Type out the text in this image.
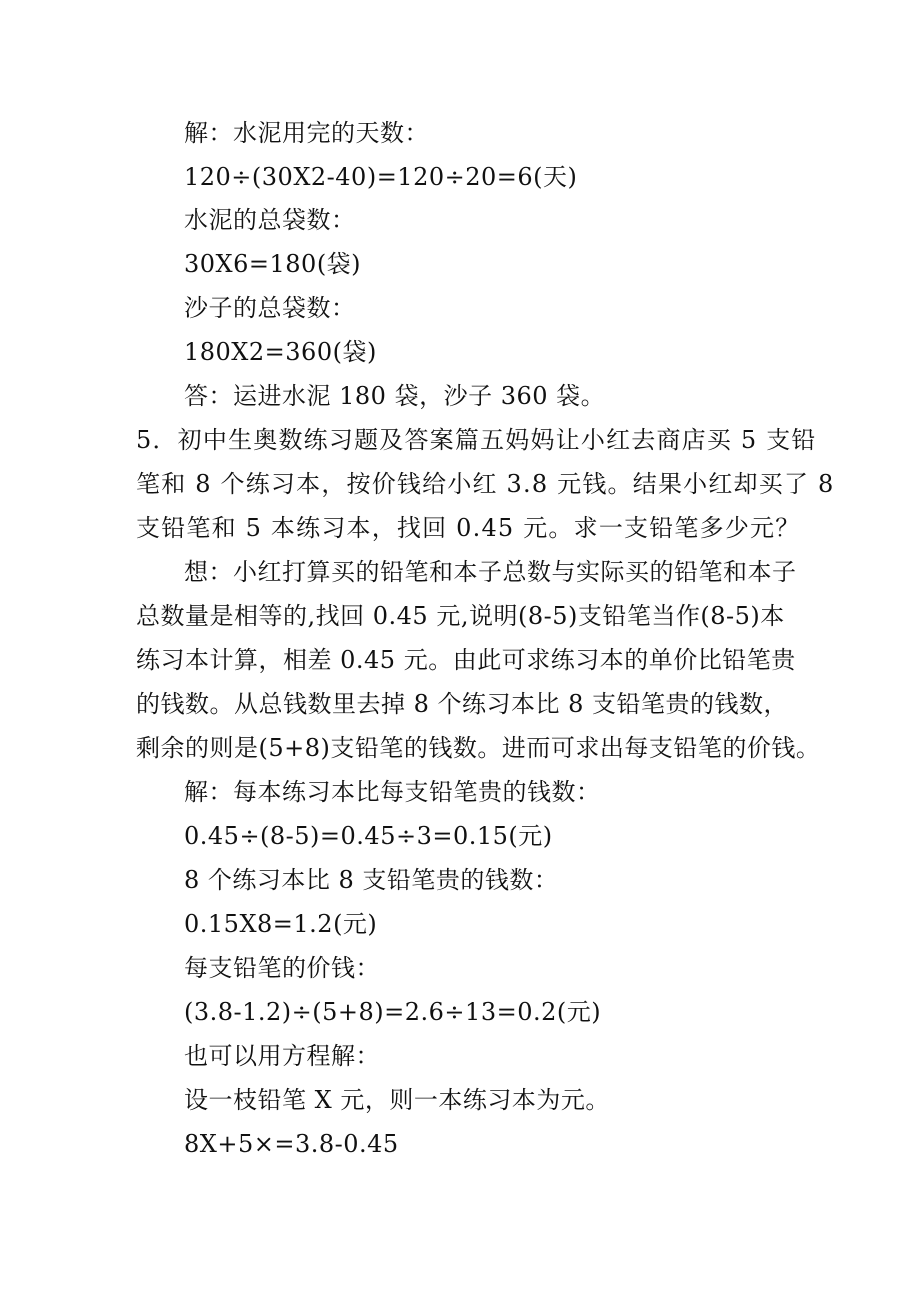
解：水泥用完的天数：
120÷(30X2-40)=120÷20=6(天)
水泥的总袋数：
30X6=180(袋)
沙子的总袋数：
180X2=360(袋)
答：运进水泥 180 袋，沙子 360 袋。
5．初中生奥数练习题及答案篇五妈妈让小红去商店买 5 支铅
笔和 8 个练习本，按价钱给小红 3.8 元钱。结果小红却买了 8
支铅笔和 5 本练习本，找回 0.45 元。求一支铅笔多少元？
想：小红打算买的铅笔和本子总数与实际买的铅笔和本子
总数量是相等的,找回 0.45 元,说明(8-5)支铅笔当作(8-5)本
练习本计算，相差 0.45 元。由此可求练习本的单价比铅笔贵
的钱数。从总钱数里去掉 8 个练习本比 8 支铅笔贵的钱数，
剩余的则是(5+8)支铅笔的钱数。进而可求出每支铅笔的价钱。
解：每本练习本比每支铅笔贵的钱数：
0.45÷(8-5)=0.45÷3=0.15(元)
8 个练习本比 8 支铅笔贵的钱数：
0.15X8=1.2(元)
每支铅笔的价钱：
(3.8-1.2)÷(5+8)=2.6÷13=0.2(元)
也可以用方程解：
设一枝铅笔 X 元，则一本练习本为元。
8X+5×=3.8-0.45
